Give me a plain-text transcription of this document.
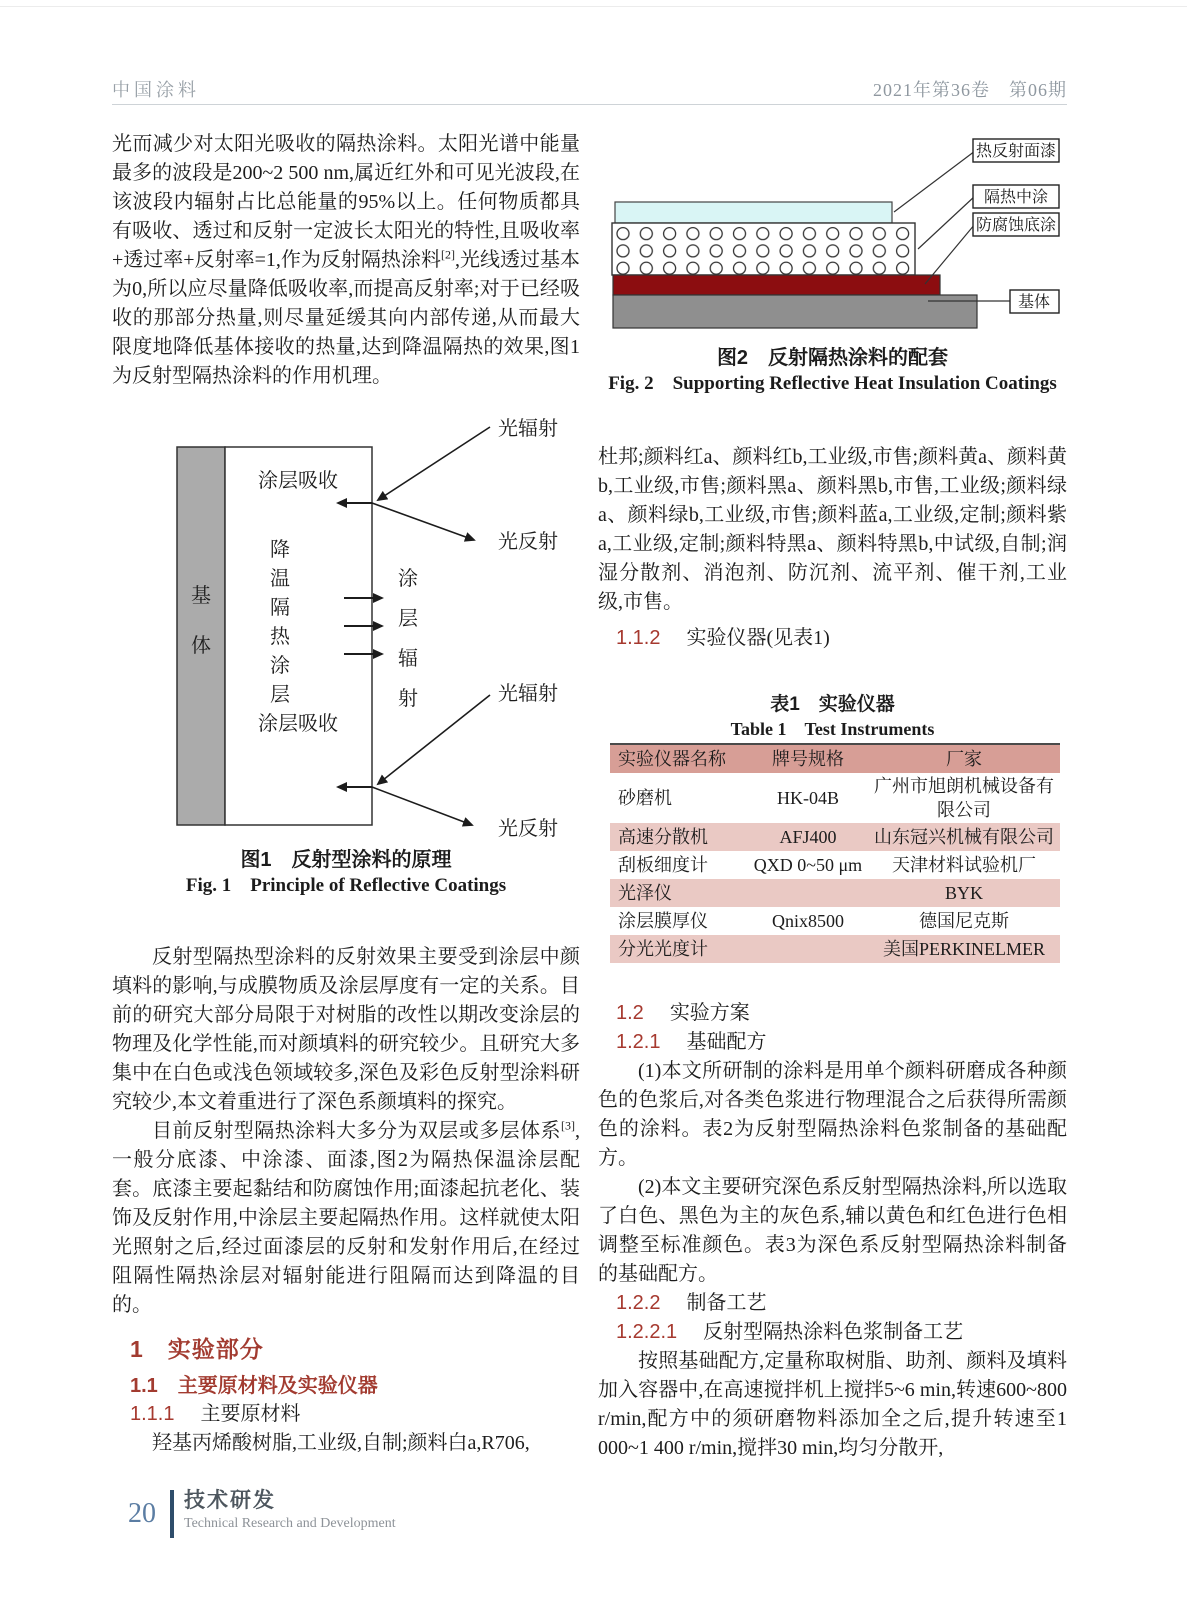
中国涂料	2021年第36卷　第06期

光而减少对太阳光吸收的隔热涂料。太阳光谱中能量最多的波段是200~2 500 nm,属近红外和可见光波段,在该波段内辐射占比总能量的95%以上。任何物质都具有吸收、透过和反射一定波长太阳光的特性,且吸收率+透过率+反射率=1,作为反射隔热涂料[2],光线透过基本为0,所以应尽量降低吸收率,而提高反射率;对于已经吸收的那部分热量,则尽量延缓其向内部传递,从而最大限度地降低基体接收的热量,达到降温隔热的效果,图1为反射型隔热涂料的作用机理。

基
体
涂层吸收
涂层吸收
降
温
隔
热
涂
层
涂
层
辐
射
光辐射
光反射
光辐射
光反射

图1　反射型涂料的原理

Fig. 1　Principle of Reflective Coatings

反射型隔热型涂料的反射效果主要受到涂层中颜填料的影响,与成膜物质及涂层厚度有一定的关系。目前的研究大部分局限于对树脂的改性以期改变涂层的物理及化学性能,而对颜填料的研究较少。且研究大多集中在白色或浅色领域较多,深色及彩色反射型涂料研究较少,本文着重进行了深色系颜填料的探究。

目前反射型隔热涂料大多分为双层或多层体系[3],一般分底漆、中涂漆、面漆,图2为隔热保温涂层配套。底漆主要起黏结和防腐蚀作用;面漆起抗老化、装饰及反射作用,中涂层主要起隔热作用。这样就使太阳光照射之后,经过面漆层的反射和发射作用后,在经过阻隔性隔热涂层对辐射能进行阻隔而达到降温的目的。

1　实验部分
1.1　主要原材料及实验仪器
1.1.1 主要原材料

羟基丙烯酸树脂,工业级,自制;颜料白a,R706,

热反射面漆
隔热中涂
防腐蚀底涂
基体

图2　反射隔热涂料的配套

Fig. 2　Supporting Reflective Heat Insulation Coatings

杜邦;颜料红a、颜料红b,工业级,市售;颜料黄a、颜料黄b,工业级,市售;颜料黑a、颜料黑b,市售,工业级;颜料绿a、颜料绿b,工业级,市售;颜料蓝a,工业级,定制;颜料紫a,工业级,定制;颜料特黑a、颜料特黑b,中试级,自制;润湿分散剂、消泡剂、防沉剂、流平剂、催干剂,工业级,市售。

1.1.2 实验仪器(见表1)

表1　实验仪器

Table 1　Test Instruments

实验仪器名称	牌号规格	厂家
砂磨机	HK-04B	广州市旭朗机械设备有限公司
高速分散机	AFJ400	山东冠兴机械有限公司
刮板细度计	QXD 0~50 μm	天津材料试验机厂
光泽仪		BYK
涂层膜厚仪	Qnix8500	德国尼克斯
分光光度计		美国PERKINELMER
1.2 实验方案
1.2.1 基础配方

(1)本文所研制的涂料是用单个颜料研磨成各种颜色的色浆后,对各类色浆进行物理混合之后获得所需颜色的涂料。表2为反射型隔热涂料色浆制备的基础配方。

(2)本文主要研究深色系反射型隔热涂料,所以选取了白色、黑色为主的灰色系,辅以黄色和红色进行色相调整至标准颜色。表3为深色系反射型隔热涂料制备的基础配方。

1.2.2 制备工艺
1.2.2.1 反射型隔热涂料色浆制备工艺

按照基础配方,定量称取树脂、助剂、颜料及填料加入容器中,在高速搅拌机上搅拌5~6 min,转速600~800 r/min,配方中的须研磨物料添加全之后,提升转速至1 000~1 400 r/min,搅拌30 min,均匀分散开,

20 技术研发
Technical Research and Development
